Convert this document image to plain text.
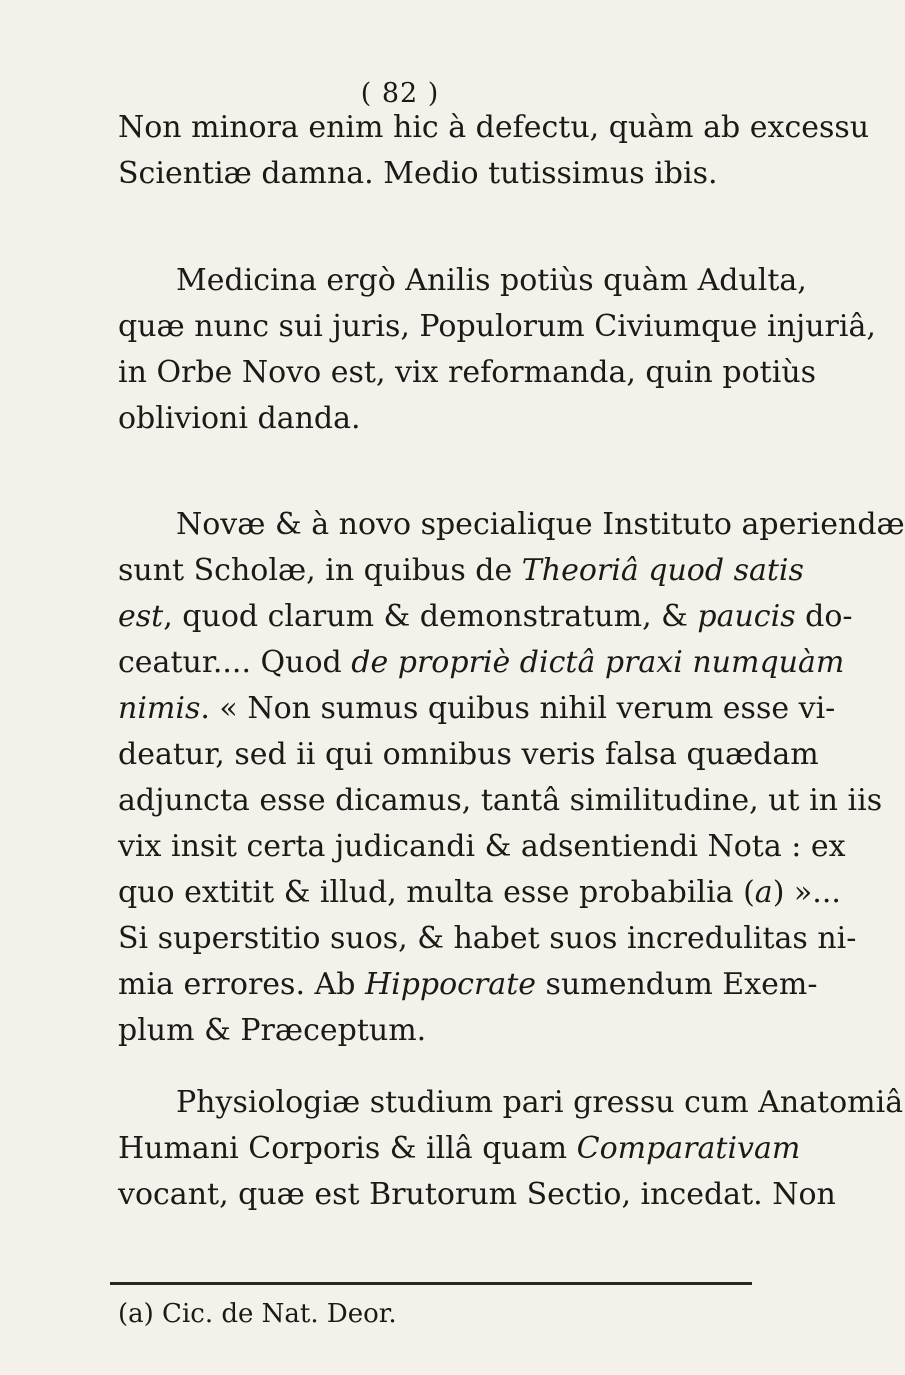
( 82 )
Non minora enim hic à defectu, quàm ab excessu
Scientiæ damna. Medio tutissimus ibis.
Medicina ergò Anilis potiùs quàm Adulta,
quæ nunc sui juris, Populorum Civiumque injuriâ,
in Orbe Novo est, vix reformanda, quin potiùs
oblivioni danda.
Novæ & à novo specialique Instituto aperiendæ
sunt Scholæ, in quibus de Theoriâ quod satis
est, quod clarum & demonstratum, & paucis do-
ceatur.... Quod de propriè dictâ praxi numquàm
nimis. « Non sumus quibus nihil verum esse vi-
deatur, sed ii qui omnibus veris falsa quædam
adjuncta esse dicamus, tantâ similitudine, ut in iis
vix insit certa judicandi & adsentiendi Nota : ex
quo extitit & illud, multa esse probabilia (a) »...
Si superstitio suos, & habet suos incredulitas ni-
mia errores. Ab Hippocrate sumendum Exem-
plum & Præceptum.
Physiologiæ studium pari gressu cum Anatomiâ
Humani Corporis & illâ quam Comparativam
vocant, quæ est Brutorum Sectio, incedat. Non
(a) Cic. de Nat. Deor.
